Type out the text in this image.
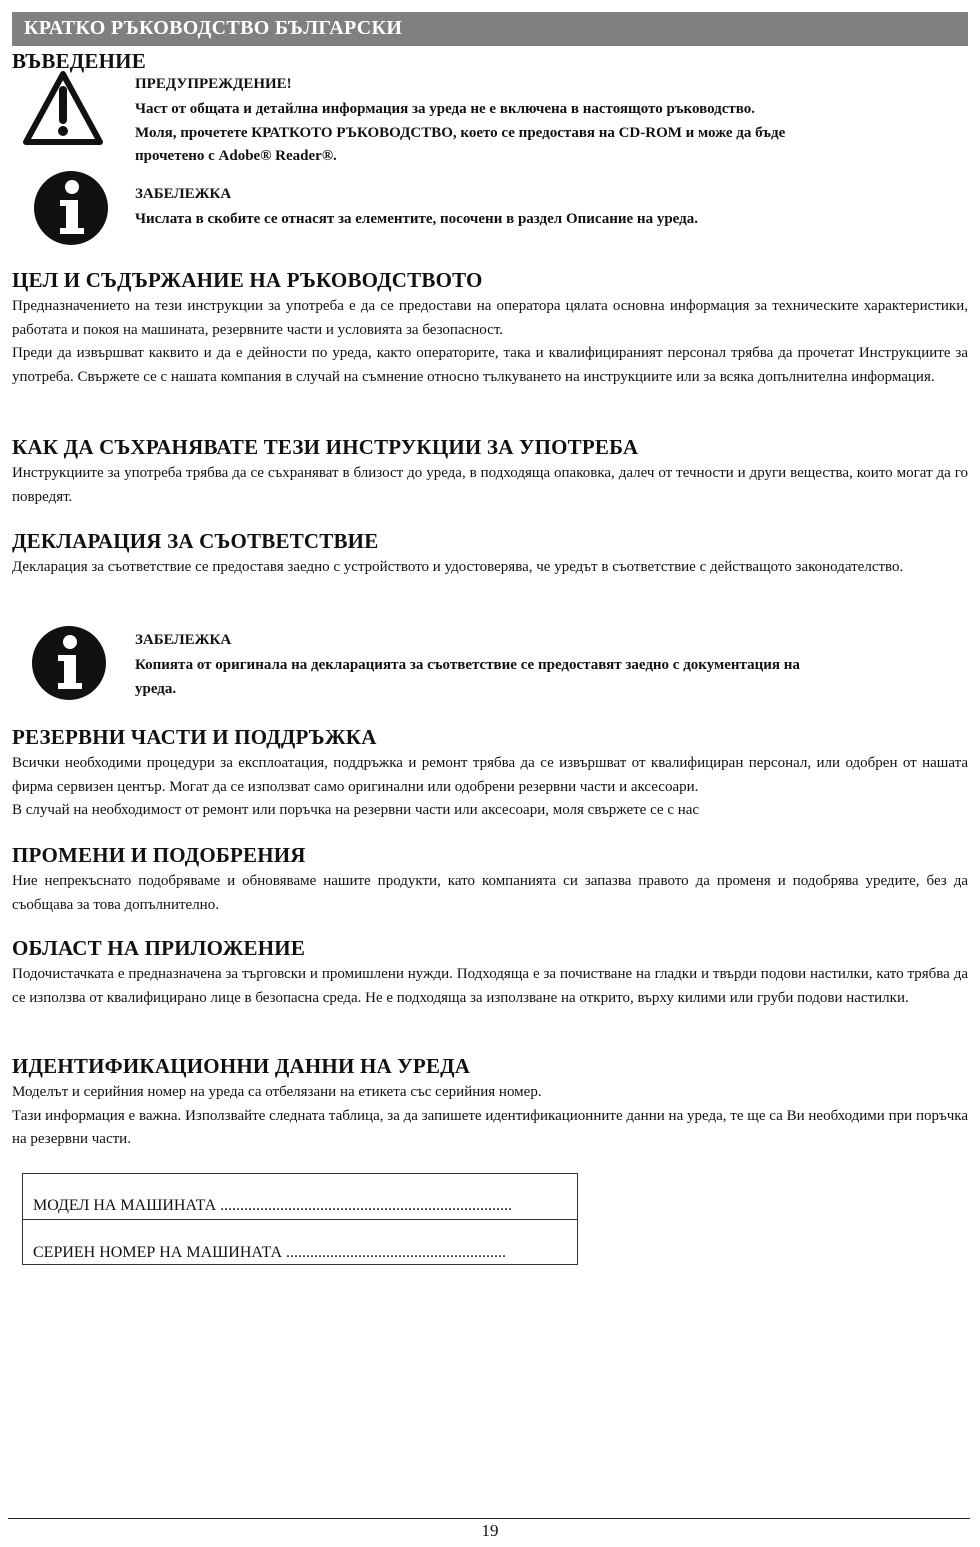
КРАТКО РЪКОВОДСТВО БЪЛГАРСКИ
ВЪВЕДЕНИЕ
ПРЕДУПРЕЖДЕНИЕ!

Част от общата и детайлна информация за уреда не е включена в настоящото ръководство.

Моля, прочетете КРАТКОТО РЪКОВОДСТВО, което се предоставя на CD-ROM и може да бъде

прочетено с Adobe® Reader®.

ЗАБЕЛЕЖКА

Числата в скобите се отнасят за елементите, посочени в раздел Описание на уреда.

ЦЕЛ И СЪДЪРЖАНИЕ НА РЪКОВОДСТВОТО

Предназначението на тези инструкции за употреба е да се предостави на оператора цялата основна информация за техническите характеристики, работата и покоя на машината, резервните части и условията за безопасност.

Преди да извършват каквито и да е дейности по уреда, както операторите, така и квалифицираният персонал трябва да прочетат Инструкциите за употреба. Свържете се с нашата компания в случай на съмнение относно тълкуването на инструкциите или за всяка допълнителна информация.

КАК ДА СЪХРАНЯВАТЕ ТЕЗИ ИНСТРУКЦИИ ЗА УПОТРЕБА

Инструкциите за употреба трябва да се съхраняват в близост до уреда, в подходяща опаковка, далеч от течности и други вещества, които могат да го повредят.

ДЕКЛАРАЦИЯ ЗА СЪОТВЕТСТВИЕ

Декларация за съответствие се предоставя заедно с устройството и удостоверява, че уредът в съответствие с действащото законодателство.

ЗАБЕЛЕЖКА

Копията от оригинала на декларацията за съответствие се предоставят заедно с документация на

уреда.

РЕЗЕРВНИ ЧАСТИ И ПОДДРЪЖКА

Всички необходими процедури за експлоатация, поддръжка и ремонт трябва да се извършват от квалифициран персонал, или одобрен от нашата фирма сервизен център. Могат да се използват само оригинални или одобрени резервни части и аксесоари.

В случай на необходимост от ремонт или поръчка на резервни части или аксесоари, моля свържете се с нас

ПРОМЕНИ И ПОДОБРЕНИЯ

Ние непрекъснато подобряваме и обновяваме нашите продукти, като компанията си запазва правото да променя и подобрява уредите, без да съобщава за това допълнително.

ОБЛАСТ НА ПРИЛОЖЕНИЕ

Подочистачката е предназначена за търговски и промишлени нужди. Подходяща е за почистване на гладки и твърди подови настилки, като трябва да се използва от квалифицирано лице в безопасна среда. Не е подходяща за използване на открито, върху килими или груби подови настилки.

ИДЕНТИФИКАЦИОННИ ДАННИ НА УРЕДА

Моделът и серийния номер на уреда са отбелязани на етикета със серийния номер.

Тази информация е важна. Използвайте следната таблица, за да запишете идентификационните данни на уреда, те ще са Ви необходими при поръчка на резервни части.

МОДЕЛ НА МАШИНАТА .........................................................................
СЕРИЕН НОМЕР НА МАШИНАТА .......................................................
19
